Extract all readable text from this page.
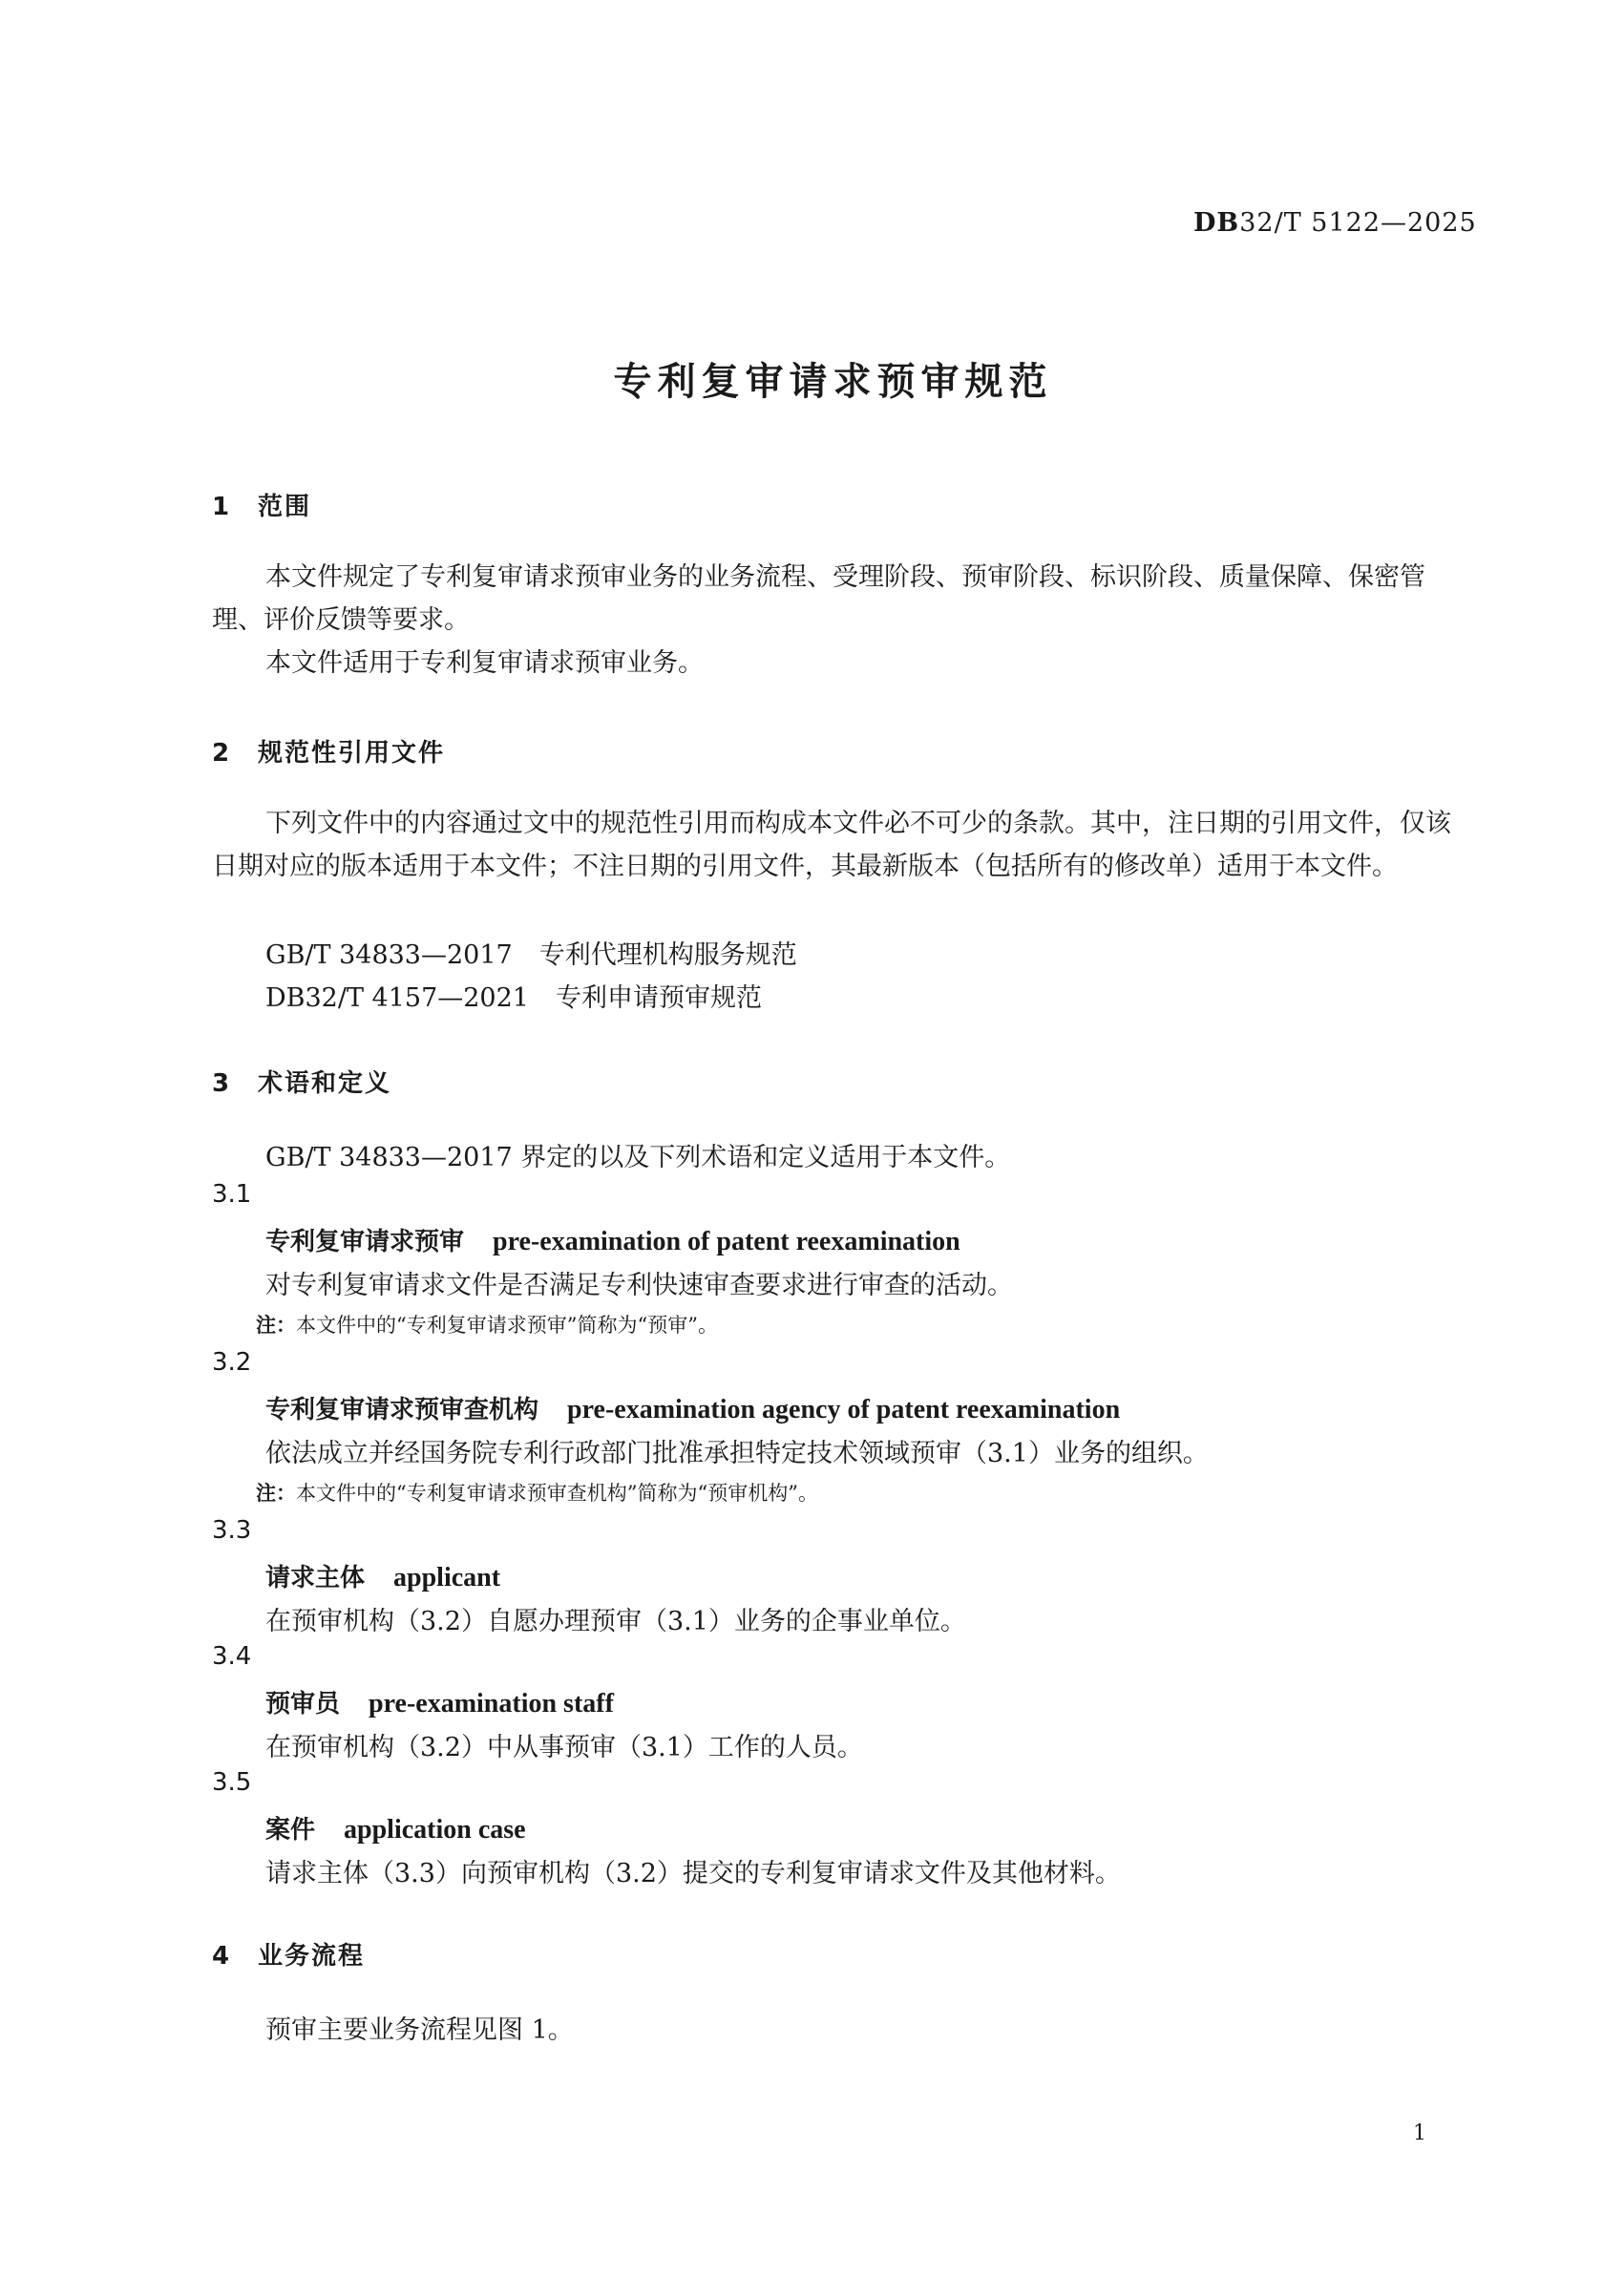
DB32/T 5122—2025
专利复审请求预审规范
1 范围
本文件规定了专利复审请求预审业务的业务流程、受理阶段、预审阶段、标识阶段、质量保障、保密管理、评价反馈等要求。
本文件适用于专利复审请求预审业务。
2 规范性引用文件
下列文件中的内容通过文中的规范性引用而构成本文件必不可少的条款。其中，注日期的引用文件，仅该日期对应的版本适用于本文件；不注日期的引用文件，其最新版本（包括所有的修改单）适用于本文件。
GB/T 34833—2017 专利代理机构服务规范
DB32/T 4157—2021 专利申请预审规范
3 术语和定义
GB/T 34833—2017 界定的以及下列术语和定义适用于本文件。
3.1
专利复审请求预审 pre-examination of patent reexamination
对专利复审请求文件是否满足专利快速审查要求进行审查的活动。
注：本文件中的“专利复审请求预审”简称为“预审”。
3.2
专利复审请求预审查机构 pre-examination agency of patent reexamination
依法成立并经国务院专利行政部门批准承担特定技术领域预审（3.1）业务的组织。
注：本文件中的“专利复审请求预审查机构”简称为“预审机构”。
3.3
请求主体 applicant
在预审机构（3.2）自愿办理预审（3.1）业务的企事业单位。
3.4
预审员 pre-examination staff
在预审机构（3.2）中从事预审（3.1）工作的人员。
3.5
案件 application case
请求主体（3.3）向预审机构（3.2）提交的专利复审请求文件及其他材料。
4 业务流程
预审主要业务流程见图 1。
1
